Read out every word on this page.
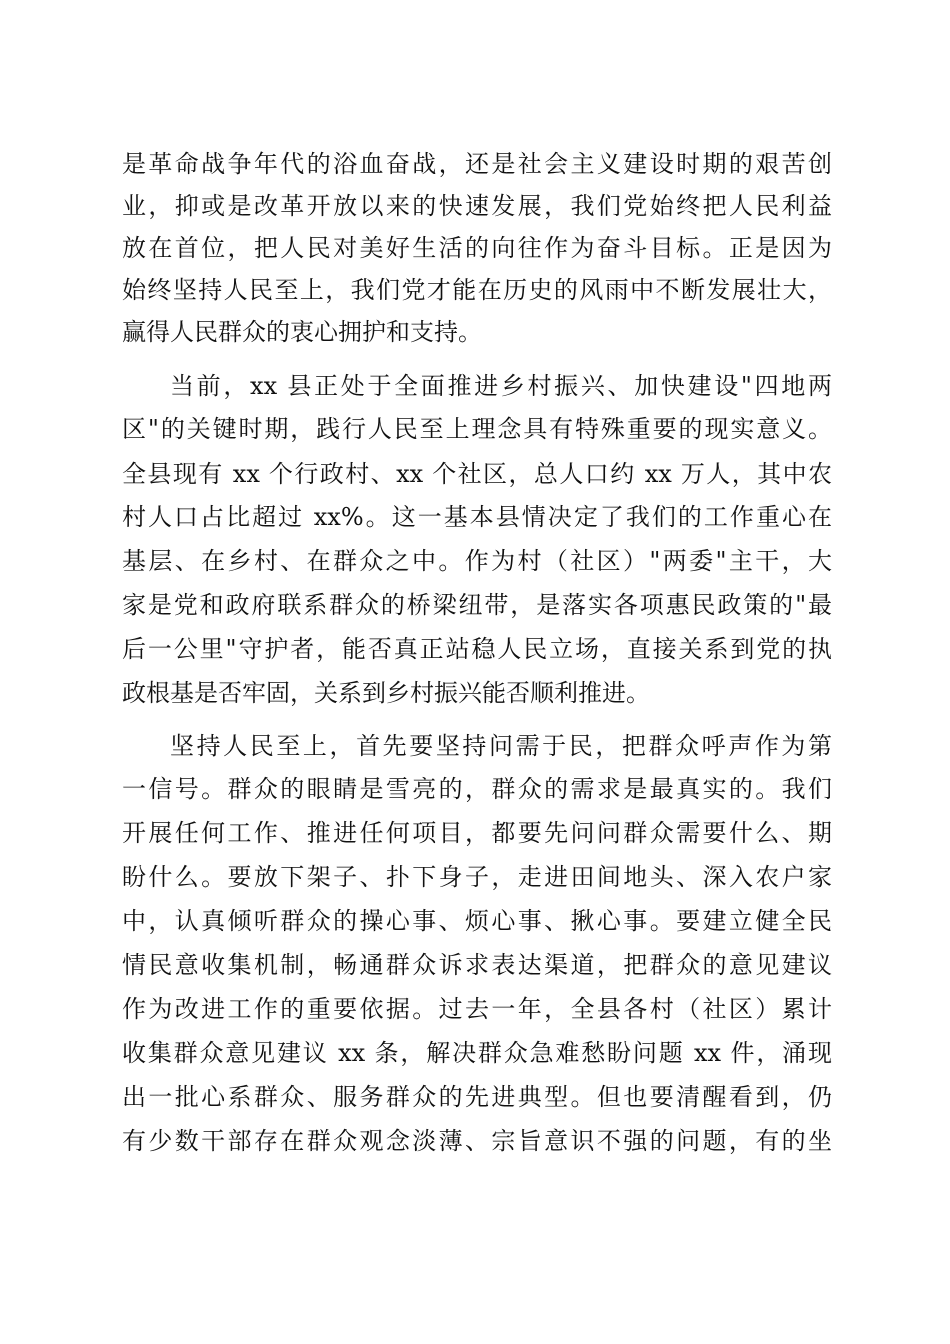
是革命战争年代的浴血奋战，还是社会主义建设时期的艰苦创
业，抑或是改革开放以来的快速发展，我们党始终把人民利益
放在首位，把人民对美好生活的向往作为奋斗目标。正是因为
始终坚持人民至上，我们党才能在历史的风雨中不断发展壮大，
赢得人民群众的衷心拥护和支持。
当前，xx 县正处于全面推进乡村振兴、加快建设"四地两
区"的关键时期，践行人民至上理念具有特殊重要的现实意义。
全县现有 xx 个行政村、xx 个社区，总人口约 xx 万人，其中农
村人口占比超过 xx%。这一基本县情决定了我们的工作重心在
基层、在乡村、在群众之中。作为村（社区）"两委"主干，大
家是党和政府联系群众的桥梁纽带，是落实各项惠民政策的"最
后一公里"守护者，能否真正站稳人民立场，直接关系到党的执
政根基是否牢固，关系到乡村振兴能否顺利推进。
坚持人民至上，首先要坚持问需于民，把群众呼声作为第
一信号。群众的眼睛是雪亮的，群众的需求是最真实的。我们
开展任何工作、推进任何项目，都要先问问群众需要什么、期
盼什么。要放下架子、扑下身子，走进田间地头、深入农户家
中，认真倾听群众的操心事、烦心事、揪心事。要建立健全民
情民意收集机制，畅通群众诉求表达渠道，把群众的意见建议
作为改进工作的重要依据。过去一年，全县各村（社区）累计
收集群众意见建议 xx 条，解决群众急难愁盼问题 xx 件，涌现
出一批心系群众、服务群众的先进典型。但也要清醒看到，仍
有少数干部存在群众观念淡薄、宗旨意识不强的问题，有的坐
